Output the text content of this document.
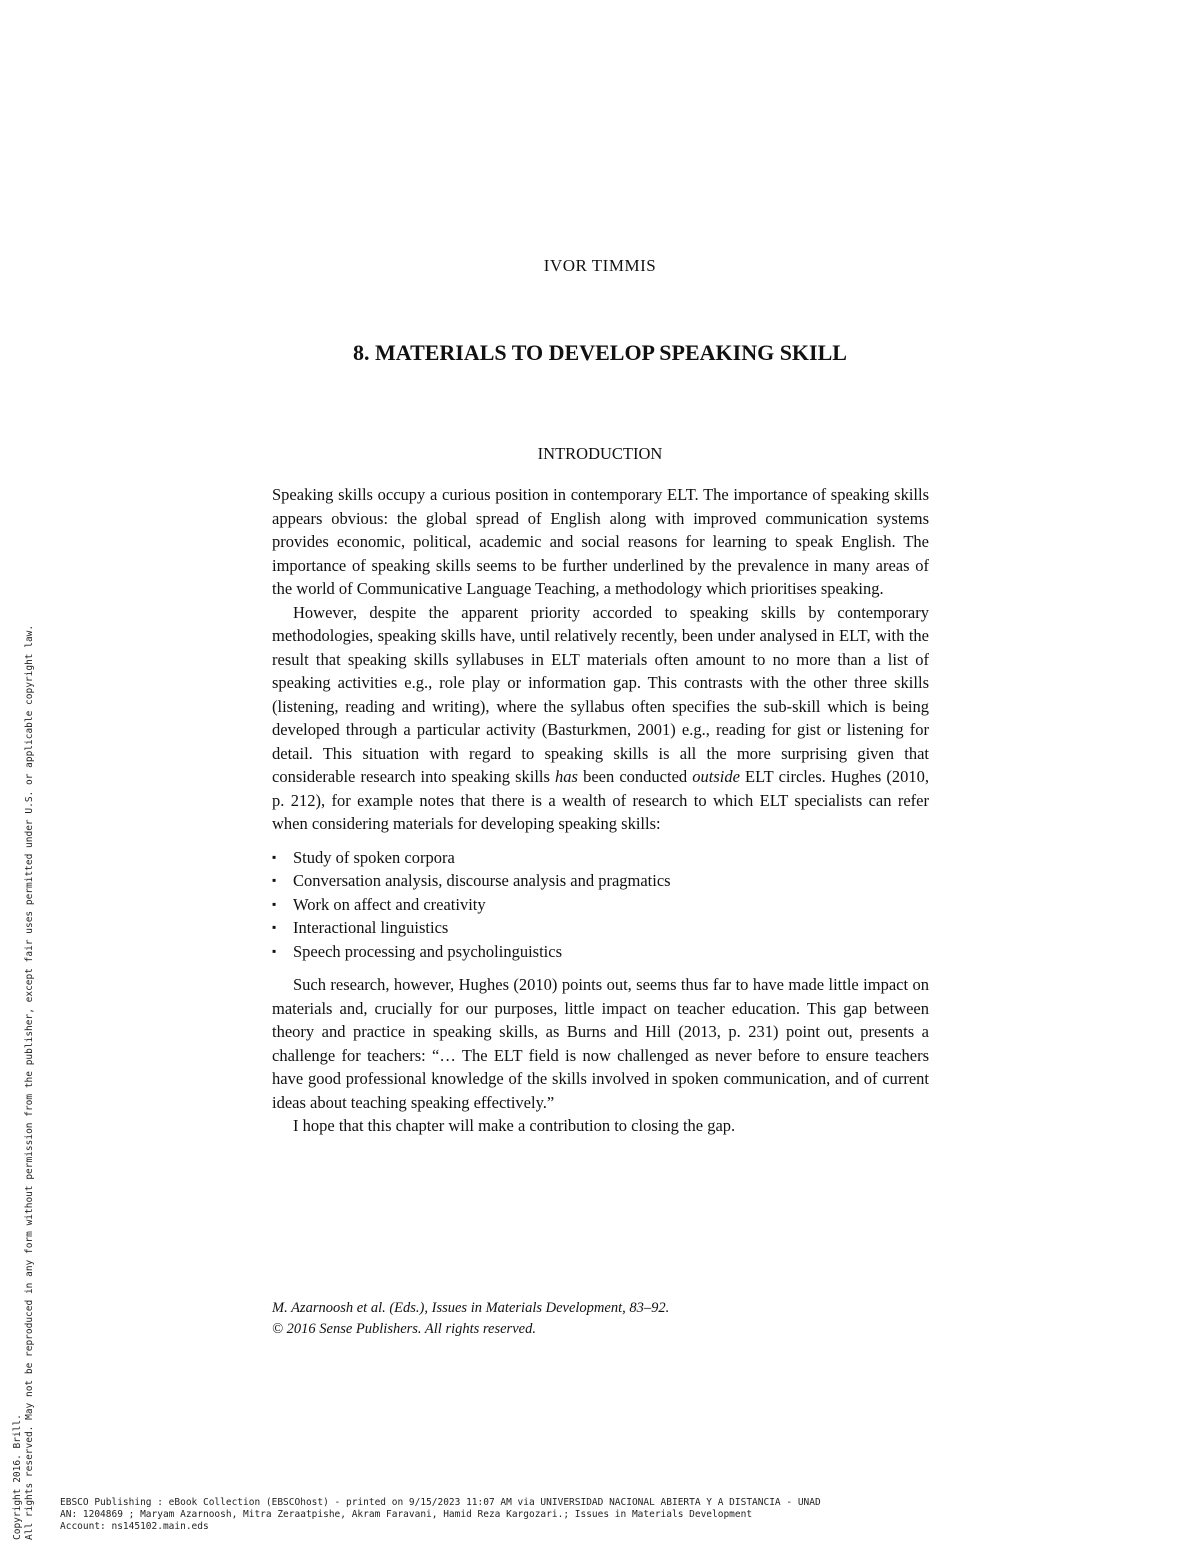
IVOR TIMMIS
8. MATERIALS TO DEVELOP SPEAKING SKILL
INTRODUCTION

Speaking skills occupy a curious position in contemporary ELT. The importance of speaking skills appears obvious: the global spread of English along with improved communication systems provides economic, political, academic and social reasons for learning to speak English. The importance of speaking skills seems to be further underlined by the prevalence in many areas of the world of Communicative Language Teaching, a methodology which prioritises speaking.

However, despite the apparent priority accorded to speaking skills by contemporary methodologies, speaking skills have, until relatively recently, been under analysed in ELT, with the result that speaking skills syllabuses in ELT materials often amount to no more than a list of speaking activities e.g., role play or information gap. This contrasts with the other three skills (listening, reading and writing), where the syllabus often specifies the sub-skill which is being developed through a particular activity (Basturkmen, 2001) e.g., reading for gist or listening for detail. This situation with regard to speaking skills is all the more surprising given that considerable research into speaking skills has been conducted outside ELT circles. Hughes (2010, p. 212), for example notes that there is a wealth of research to which ELT specialists can refer when considering materials for developing speaking skills:

▪ Study of spoken corpora
▪ Conversation analysis, discourse analysis and pragmatics
▪ Work on affect and creativity
▪ Interactional linguistics
▪ Speech processing and psycholinguistics

Such research, however, Hughes (2010) points out, seems thus far to have made little impact on materials and, crucially for our purposes, little impact on teacher education. This gap between theory and practice in speaking skills, as Burns and Hill (2013, p. 231) point out, presents a challenge for teachers: “… The ELT field is now challenged as never before to ensure teachers have good professional knowledge of the skills involved in spoken communication, and of current ideas about teaching speaking effectively.”

I hope that this chapter will make a contribution to closing the gap.

M. Azarnoosh et al. (Eds.), Issues in Materials Development, 83–92.
© 2016 Sense Publishers. All rights reserved.
Copyright 2016. Brill. All rights reserved. May not be reproduced in any form without permission from the publisher, except fair uses permitted under U.S. or applicable copyright law.	EBSCO Publishing : eBook Collection (EBSCOhost) - printed on 9/15/2023 11:07 AM via UNIVERSIDAD NACIONAL ABIERTA Y A DISTANCIA - UNAD
AN: 1204869 ; Maryam Azarnoosh, Mitra Zeraatpishe, Akram Faravani, Hamid Reza Kargozari.; Issues in Materials Development
Account: ns145102.main.eds
